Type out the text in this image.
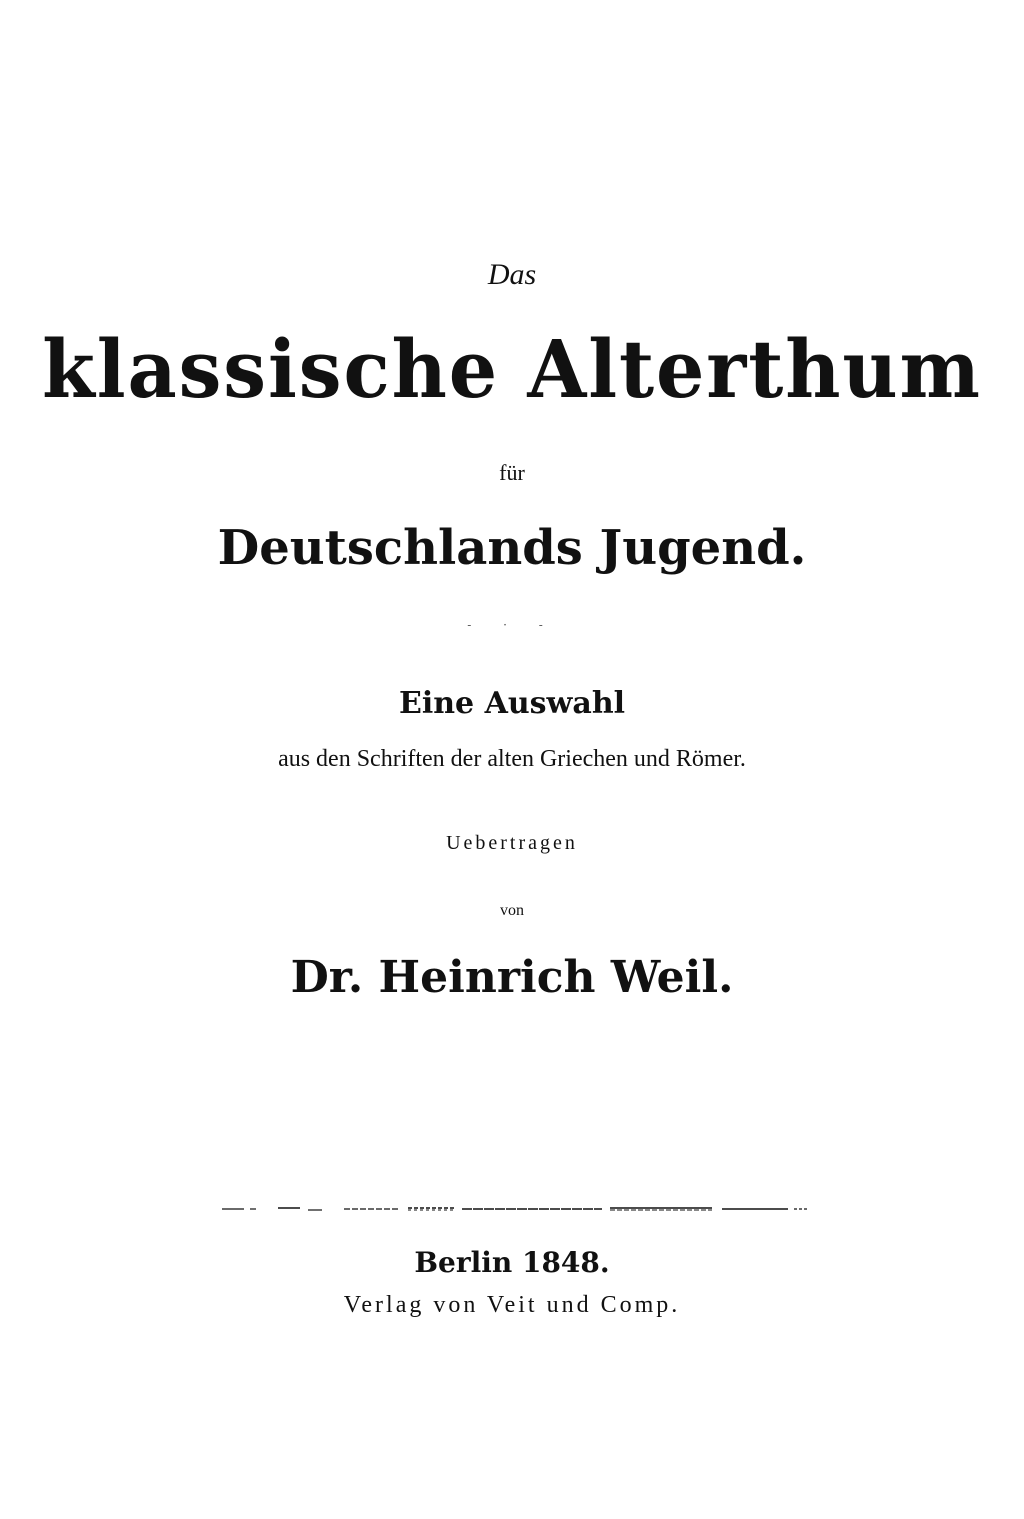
Das
klassische Alterthum
für
Deutschlands Jugend.
- · -
Eine Auswahl
aus den Schriften der alten Griechen und Römer.
Uebertragen
von
Dr. Heinrich Weil.
Berlin 1848.
Verlag von Veit und Comp.
